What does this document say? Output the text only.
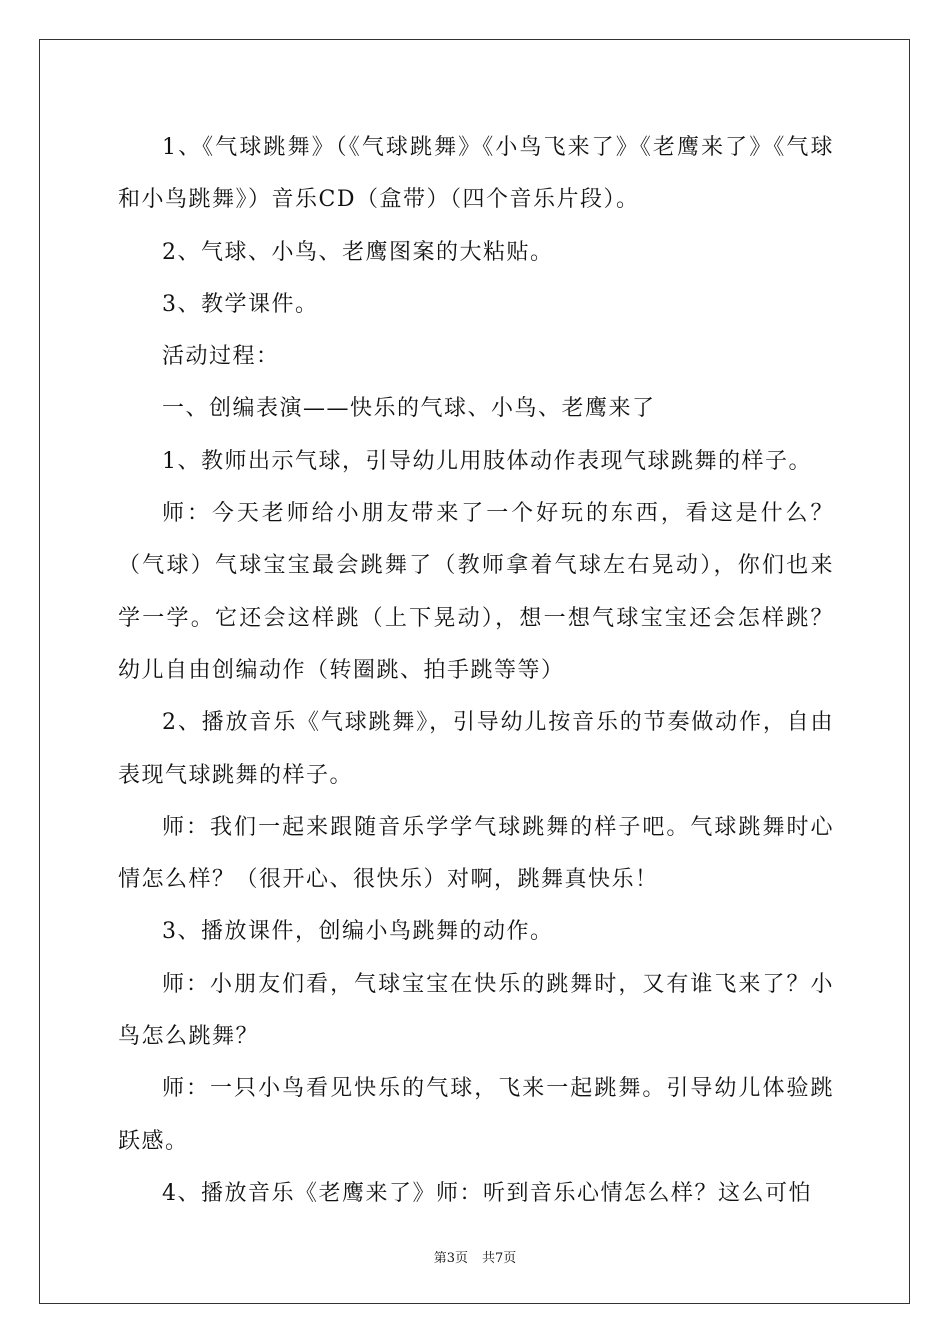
1、《气球跳舞》（《气球跳舞》《小鸟飞来了》《老鹰来了》《气球和小鸟跳舞》）音乐CD（盒带）（四个音乐片段）。

2、气球、小鸟、老鹰图案的大粘贴。

3、教学课件。

活动过程：

一、创编表演——快乐的气球、小鸟、老鹰来了

1、教师出示气球，引导幼儿用肢体动作表现气球跳舞的样子。

师：今天老师给小朋友带来了一个好玩的东西，看这是什么？（气球）气球宝宝最会跳舞了（教师拿着气球左右晃动），你们也来学一学。它还会这样跳（上下晃动），想一想气球宝宝还会怎样跳？幼儿自由创编动作（转圈跳、拍手跳等等）

2、播放音乐《气球跳舞》，引导幼儿按音乐的节奏做动作，自由表现气球跳舞的样子。

师：我们一起来跟随音乐学学气球跳舞的样子吧。气球跳舞时心情怎么样？（很开心、很快乐）对啊，跳舞真快乐！

3、播放课件，创编小鸟跳舞的动作。

师：小朋友们看，气球宝宝在快乐的跳舞时，又有谁飞来了？小鸟怎么跳舞？

师：一只小鸟看见快乐的气球，飞来一起跳舞。引导幼儿体验跳跃感。

4、播放音乐《老鹰来了》师：听到音乐心情怎么样？这么可怕

第3页 共7页
